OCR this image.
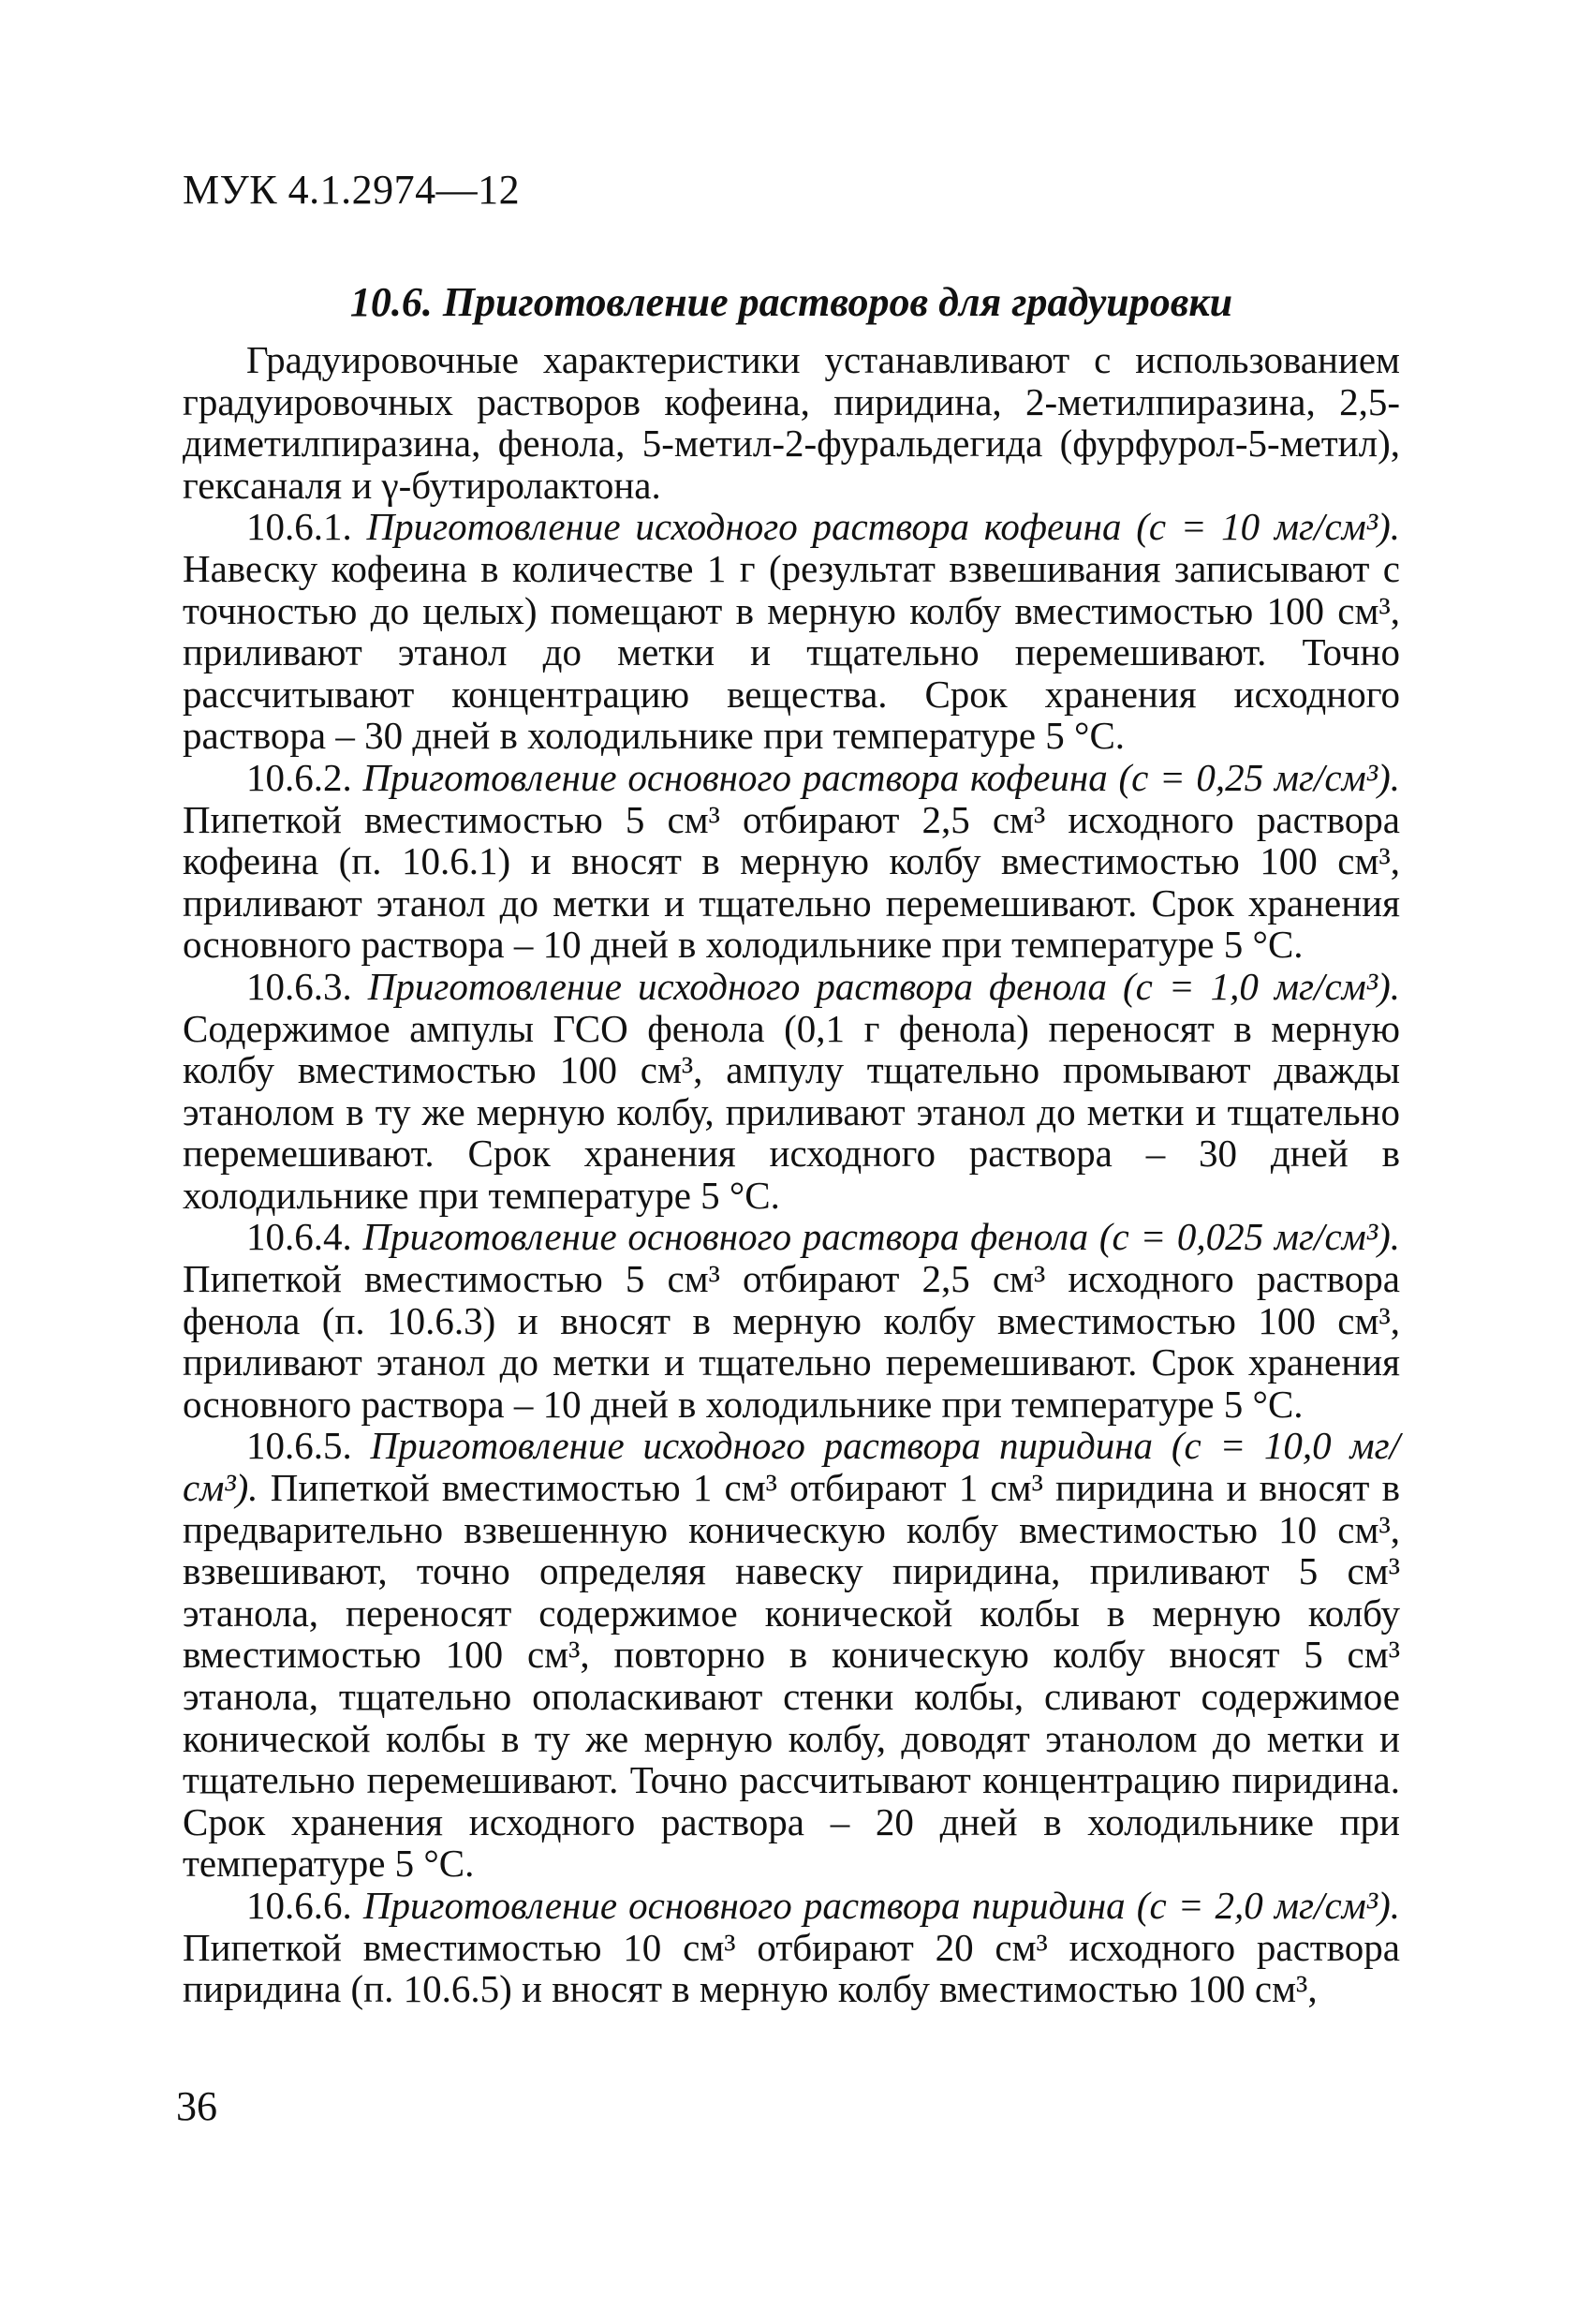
МУК 4.1.2974—12
10.6. Приготовление растворов для градуировки

Градуировочные характеристики устанавливают с использованием градуировочных растворов кофеина, пиридина, 2-метилпиразина, 2,5-диметилпиразина, фенола, 5-метил-2-фуральдегида (фурфурол-5-метил), гексаналя и γ-бутиролактона.

10.6.1. Приготовление исходного раствора кофеина (с = 10 мг/см³). Навеску кофеина в количестве 1 г (результат взвешивания записывают с точностью до целых) помещают в мерную колбу вместимостью 100 см³, приливают этанол до метки и тщательно перемешивают. Точно рассчитывают концентрацию вещества. Срок хранения исходного раствора – 30 дней в холодильнике при температуре 5 °С.

10.6.2. Приготовление основного раствора кофеина (с = 0,25 мг/см³). Пипеткой вместимостью 5 см³ отбирают 2,5 см³ исходного раствора кофеина (п. 10.6.1) и вносят в мерную колбу вместимостью 100 см³, приливают этанол до метки и тщательно перемешивают. Срок хранения основного раствора – 10 дней в холодильнике при температуре 5 °С.

10.6.3. Приготовление исходного раствора фенола (с = 1,0 мг/см³). Содержимое ампулы ГСО фенола (0,1 г фенола) переносят в мерную колбу вместимостью 100 см³, ампулу тщательно промывают дважды этанолом в ту же мерную колбу, приливают этанол до метки и тщательно перемешивают. Срок хранения исходного раствора – 30 дней в холодильнике при температуре 5 °С.

10.6.4. Приготовление основного раствора фенола (с = 0,025 мг/см³). Пипеткой вместимостью 5 см³ отбирают 2,5 см³ исходного раствора фенола (п. 10.6.3) и вносят в мерную колбу вместимостью 100 см³, приливают этанол до метки и тщательно перемешивают. Срок хранения основного раствора – 10 дней в холодильнике при температуре 5 °С.

10.6.5. Приготовление исходного раствора пиридина (с = 10,0 мг/см³). Пипеткой вместимостью 1 см³ отбирают 1 см³ пиридина и вносят в предварительно взвешенную коническую колбу вместимостью 10 см³, взвешивают, точно определяя навеску пиридина, приливают 5 см³ этанола, переносят содержимое конической колбы в мерную колбу вместимостью 100 см³, повторно в коническую колбу вносят 5 см³ этанола, тщательно ополаскивают стенки колбы, сливают содержимое конической колбы в ту же мерную колбу, доводят этанолом до метки и тщательно перемешивают. Точно рассчитывают концентрацию пиридина. Срок хранения исходного раствора – 20 дней в холодильнике при температуре 5 °С.

10.6.6. Приготовление основного раствора пиридина (с = 2,0 мг/см³). Пипеткой вместимостью 10 см³ отбирают 20 см³ исходного раствора пиридина (п. 10.6.5) и вносят в мерную колбу вместимостью 100 см³,

36
